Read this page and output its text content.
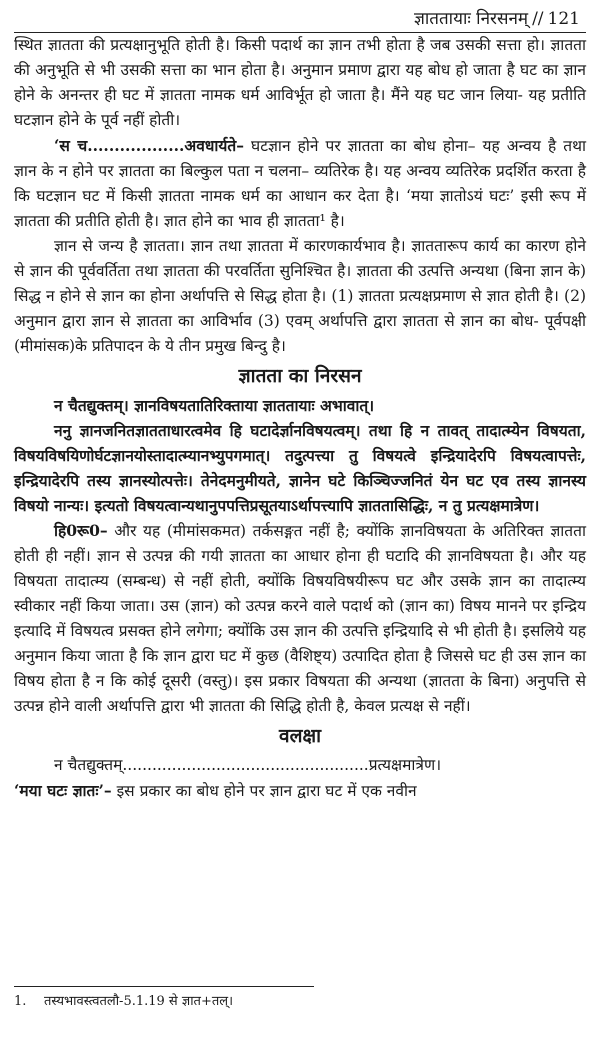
ज्ञाततायाः निरसनम् // 121

स्थित ज्ञातता की प्रत्यक्षानुभूति होती है। किसी पदार्थ का ज्ञान तभी होता है जब उसकी सत्ता हो। ज्ञातता की अनुभूति से भी उसकी सत्ता का भान होता है। अनुमान प्रमाण द्वारा यह बोध हो जाता है घट का ज्ञान होने के अनन्तर ही घट में ज्ञातता नामक धर्म आविर्भूत हो जाता है। मैंने यह घट जान लिया- यह प्रतीति घटज्ञान होने के पूर्व नहीं होती।

‘स च..................अवधार्यते– घटज्ञान होने पर ज्ञातता का बोध होना– यह अन्वय है तथा ज्ञान के न होने पर ज्ञातता का बिल्कुल पता न चलना– व्यतिरेक है। यह अन्वय व्यतिरेक प्रदर्शित करता है कि घटज्ञान घट में किसी ज्ञातता नामक धर्म का आधान कर देता है। ‘मया ज्ञातोऽयं घटः’ इसी रूप में ज्ञातता की प्रतीति होती है। ज्ञात होने का भाव ही ज्ञातता¹ है।

ज्ञान से जन्य है ज्ञातता। ज्ञान तथा ज्ञातता में कारणकार्यभाव है। ज्ञाततारूप कार्य का कारण होने से ज्ञान की पूर्ववर्तिता तथा ज्ञातता की परवर्तिता सुनिश्चित है। ज्ञातता की उत्पत्ति अन्यथा (बिना ज्ञान के) सिद्ध न होने से ज्ञान का होना अर्थापत्ति से सिद्ध होता है। (1) ज्ञातता प्रत्यक्षप्रमाण से ज्ञात होती है। (2) अनुमान द्वारा ज्ञान से ज्ञातता का आविर्भाव (3) एवम् अर्थापत्ति द्वारा ज्ञातता से ज्ञान का बोध- पूर्वपक्षी (मीमांसक)के प्रतिपादन के ये तीन प्रमुख बिन्दु है।

ज्ञातता का निरसन

न चैतद्युक्तम्। ज्ञानविषयतातिरिक्ताया ज्ञाततायाः अभावात्।

ननु ज्ञानजनितज्ञातताधारत्वमेव हि घटादेर्ज्ञानविषयत्वम्। तथा हि न तावत् तादात्म्येन विषयता, विषयविषयिणोर्घटज्ञानयोस्तादात्म्यानभ्युपगमात्। तदुत्पत्त्या तु विषयत्वे इन्द्रियादेरपि विषयत्वापत्तेः, इन्द्रियादेरपि तस्य ज्ञानस्योत्पत्तेः। तेनेदमनुमीयते, ज्ञानेन घटे किञ्चिज्जनितं येन घट एव तस्य ज्ञानस्य विषयो नान्यः। इत्यतो विषयत्वान्यथानुपपत्तिप्रसूतयाऽर्थापत्त्यापि ज्ञाततासिद्धिः, न तु प्रत्यक्षमात्रेण।

हि0रू0– और यह (मीमांसकमत) तर्कसङ्गत नहीं है; क्योंकि ज्ञानविषयता के अतिरिक्त ज्ञातता होती ही नहीं। ज्ञान से उत्पन्न की गयी ज्ञातता का आधार होना ही घटादि की ज्ञानविषयता है। और यह विषयता तादात्म्य (सम्बन्ध) से नहीं होती, क्योंकि विषयविषयीरूप घट और उसके ज्ञान का तादात्म्य स्वीकार नहीं किया जाता। उस (ज्ञान) को उत्पन्न करने वाले पदार्थ को (ज्ञान का) विषय मानने पर इन्द्रिय इत्यादि में विषयत्व प्रसक्त होने लगेगा; क्योंकि उस ज्ञान की उत्पत्ति इन्द्रियादि से भी होती है। इसलिये यह अनुमान किया जाता है कि ज्ञान द्वारा घट में कुछ (वैशिष्ट्य) उत्पादित होता है जिससे घट ही उस ज्ञान का विषय होता है न कि कोई दूसरी (वस्तु)। इस प्रकार विषयता की अन्यथा (ज्ञातता के बिना) अनुपत्ति से उत्पन्न होने वाली अर्थापत्ति द्वारा भी ज्ञातता की सिद्धि होती है, केवल प्रत्यक्ष से नहीं।

वलक्षा

न चैतद्युक्तम्..................................................प्रत्यक्षमात्रेण।

‘मया घटः ज्ञातः’– इस प्रकार का बोध होने पर ज्ञान द्वारा घट में एक नवीन

1. तस्यभावस्त्वतलौ-5.1.19 से ज्ञात+तल्।
